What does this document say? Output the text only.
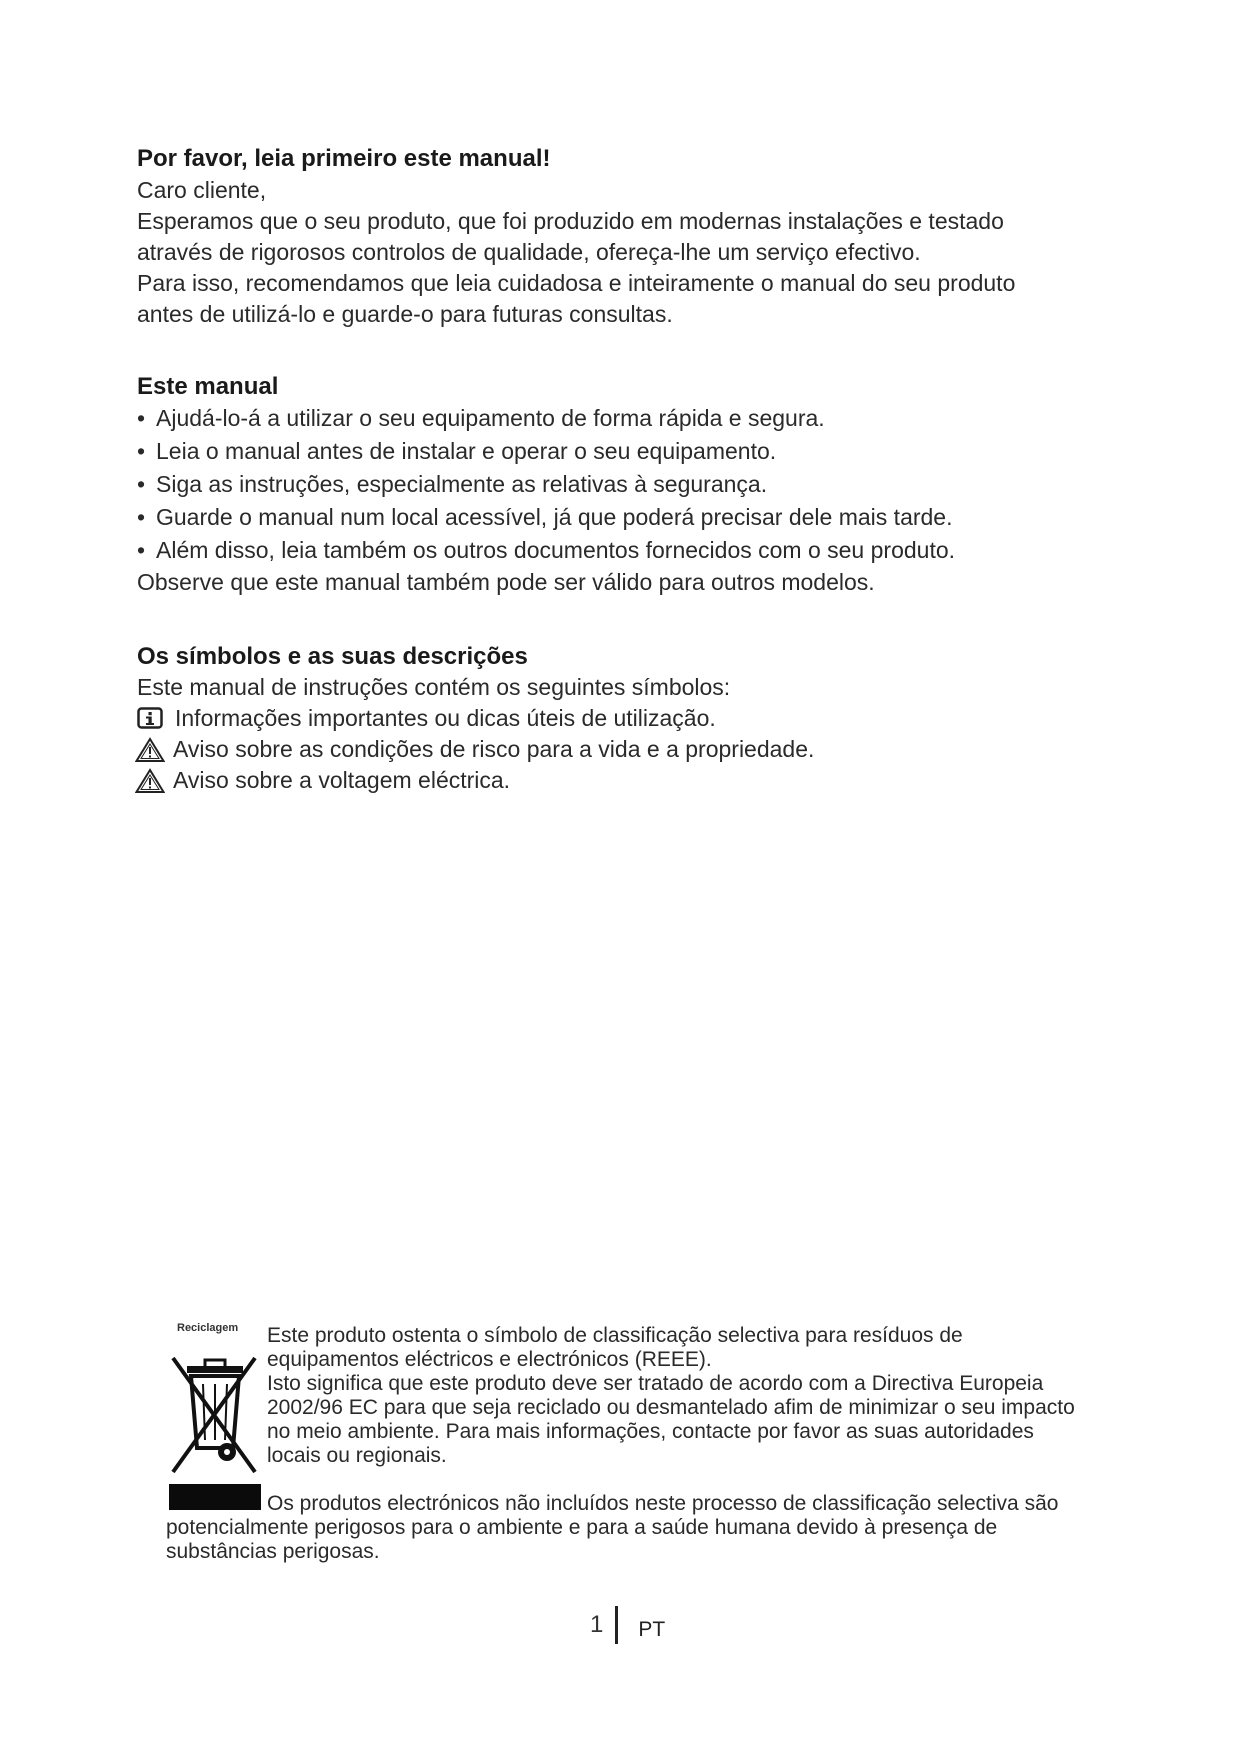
Por favor, leia primeiro este manual!

Caro cliente,

Esperamos que o seu produto, que foi produzido em modernas instalações e testado

através de rigorosos controlos de qualidade, ofereça-lhe um serviço efectivo.

Para isso, recomendamos que leia cuidadosa e inteiramente o manual do seu produto

antes de utilizá-lo e guarde-o para futuras consultas.

Este manual

• Ajudá-lo-á a utilizar o seu equipamento de forma rápida e segura.

• Leia o manual antes de instalar e operar o seu equipamento.

• Siga as instruções, especialmente as relativas à segurança.

• Guarde o manual num local acessível, já que poderá precisar dele mais tarde.

• Além disso, leia também os outros documentos fornecidos com o seu produto.

Observe que este manual também pode ser válido para outros modelos.

Os símbolos e as suas descrições

Este manual de instruções contém os seguintes símbolos:

Informações importantes ou dicas úteis de utilização.
Aviso sobre as condições de risco para a vida e a propriedade.
Aviso sobre a voltagem eléctrica.
Reciclagem Este produto ostenta o símbolo de classificação selectiva para resíduos de

equipamentos eléctricos e electrónicos (REEE).

Isto significa que este produto deve ser tratado de acordo com a Directiva Europeia

2002/96 EC para que seja reciclado ou desmantelado afim de minimizar o seu impacto

no meio ambiente. Para mais informações, contacte por favor as suas autoridades

locais ou regionais.

Os produtos electrónicos não incluídos neste processo de classificação selectiva são

potencialmente perigosos para o ambiente e para a saúde humana devido à presença de

substâncias perigosas.

1 PT
